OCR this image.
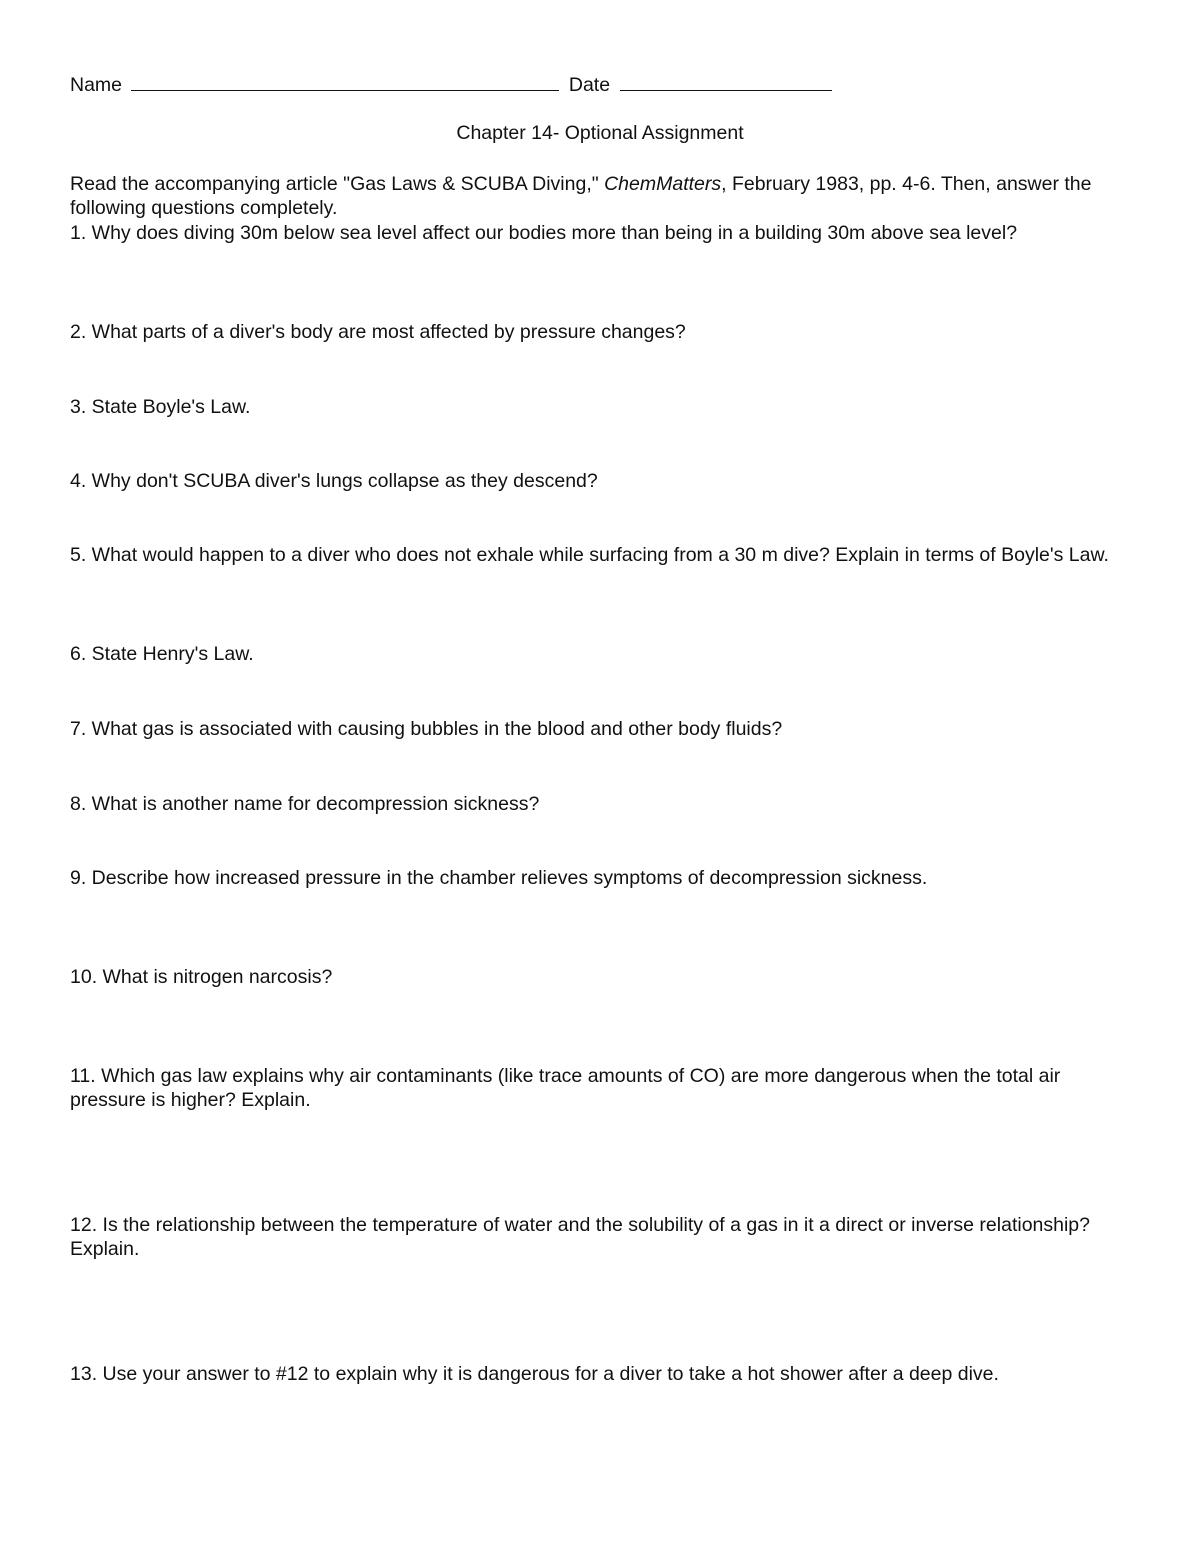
Name	Date
Chapter 14- Optional Assignment
Read the accompanying article "Gas Laws & SCUBA Diving," ChemMatters, February 1983, pp. 4-6. Then, answer the following questions completely.
1. Why does diving 30m below sea level affect our bodies more than being in a building 30m above sea level?
2. What parts of a diver's body are most affected by pressure changes?
3. State Boyle's Law.
4. Why don't SCUBA diver's lungs collapse as they descend?
5. What would happen to a diver who does not exhale while surfacing from a 30 m dive? Explain in terms of Boyle's Law.
6. State Henry's Law.
7. What gas is associated with causing bubbles in the blood and other body fluids?
8. What is another name for decompression sickness?
9. Describe how increased pressure in the chamber relieves symptoms of decompression sickness.
10. What is nitrogen narcosis?
11. Which gas law explains why air contaminants (like trace amounts of CO) are more dangerous when the total air pressure is higher? Explain.
12. Is the relationship between the temperature of water and the solubility of a gas in it a direct or inverse relationship? Explain.
13. Use your answer to #12 to explain why it is dangerous for a diver to take a hot shower after a deep dive.
